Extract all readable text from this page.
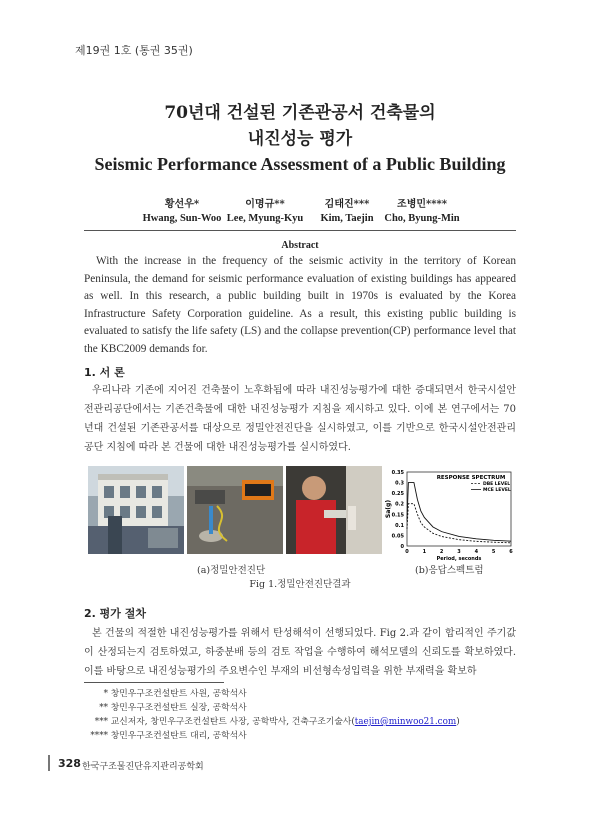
제19권 1호 (통권 35권)
70년대 건설된 기존관공서 건축물의
내진성능 평가
Seismic Performance Assessment of a Public Building
황선우*
Hwang, Sun-Woo
이명규**
Lee, Myung-Kyu
김태진***
Kim, Taejin
조병민****
Cho, Byung-Min
Abstract
With the increase in the frequency of the seismic activity in the territory of Korean Peninsula, the demand for seismic performance evaluation of existing buildings has appeared as well. In this research, a public building built in 1970s is evaluated by the Korea Infrastructure Safety Corporation guideline. As a result, this existing public building is evaluated to satisfy the life safety (LS) and the collapse prevention(CP) performance level that the KBC2009 demands for.
1. 서 론
우리나라 기존에 지어진 건축물이 노후화됨에 따라 내진성능평가에 대한 증대되면서 한국시설안전관리공단에서는 기존건축물에 대한 내진성능평가 지침을 제시하고 있다. 이에 본 연구에서는 70년대 건설된 기존관공서를 대상으로 정밀안전진단을 실시하였고, 이를 기반으로 한국시설안전관리공단 지침에 따라 본 건물에 대한 내진성능평가를 실시하였다.
0
0.05
0.1
0.15
0.2
0.25
0.3
0.35
0	1	2	3	4	5	6
Period, seconds
Sa(g)
RESPONSE SPECTRUM
DBE LEVEL
MCE LEVEL
(a)정밀안전진단	(b)응답스펙트럼
Fig 1.정밀안전진단결과
2. 평가 절차
본 건물의 적절한 내진성능평가를 위해서 탄성해석이 선행되었다. Fig 2.과 같이 합리적인 주기값이 산정되는지 검토하였고, 하중분배 등의 검토 작업을 수행하여 해석모델의 신뢰도를 확보하였다. 이를 바탕으로 내진성능평가의 주요변수인 부재의 비선형속성입력을 위한 부재력을 확보하
* 창민우구조컨설탄트 사원, 공학석사
** 창민우구조컨설탄트 실장, 공학석사
*** 교신저자, 창민우구조컨설탄트 사장, 공학박사, 건축구조기술사(taejin@minwoo21.com)
**** 창민우구조컨설탄트 대리, 공학석사
328 한국구조물진단유지관리공학회
